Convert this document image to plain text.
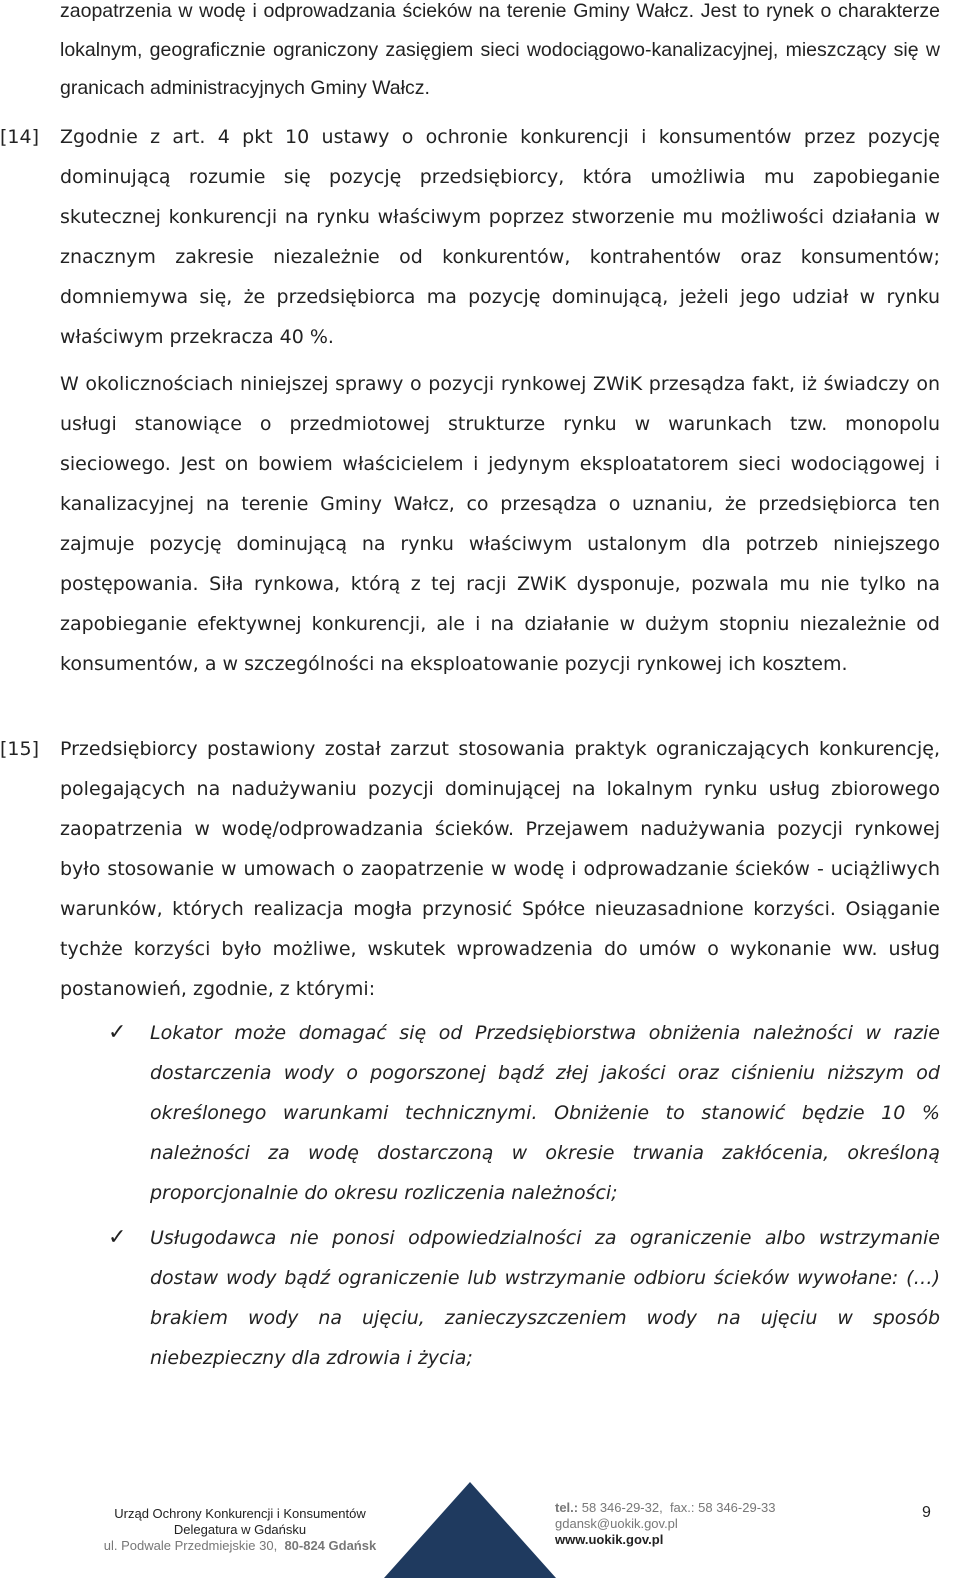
zaopatrzenia w wodę i odprowadzania ścieków na terenie Gminy Wałcz. Jest to rynek o charakterze lokalnym, geograficznie ograniczony zasięgiem sieci wodociągowo-kanalizacyjnej, mieszczący się w granicach administracyjnych Gminy Wałcz.

[14] Zgodnie z art. 4 pkt 10 ustawy o ochronie konkurencji i konsumentów przez pozycję dominującą rozumie się pozycję przedsiębiorcy, która umożliwia mu zapobieganie skutecznej konkurencji na rynku właściwym poprzez stworzenie mu możliwości działania w znacznym zakresie niezależnie od konkurentów, kontrahentów oraz konsumentów; domniemywa się, że przedsiębiorca ma pozycję dominującą, jeżeli jego udział w rynku właściwym przekracza 40 %.

W okolicznościach niniejszej sprawy o pozycji rynkowej ZWiK przesądza fakt, iż świadczy on usługi stanowiące o przedmiotowej strukturze rynku w warunkach tzw. monopolu sieciowego. Jest on bowiem właścicielem i jedynym eksploatatorem sieci wodociągowej i kanalizacyjnej na terenie Gminy Wałcz, co przesądza o uznaniu, że przedsiębiorca ten zajmuje pozycję dominującą na rynku właściwym ustalonym dla potrzeb niniejszego postępowania. Siła rynkowa, którą z tej racji ZWiK dysponuje, pozwala mu nie tylko na zapobieganie efektywnej konkurencji, ale i na działanie w dużym stopniu niezależnie od konsumentów, a w szczególności na eksploatowanie pozycji rynkowej ich kosztem.

[15] Przedsiębiorcy postawiony został zarzut stosowania praktyk ograniczających konkurencję, polegających na nadużywaniu pozycji dominującej na lokalnym rynku usług zbiorowego zaopatrzenia w wodę/odprowadzania ścieków. Przejawem nadużywania pozycji rynkowej było stosowanie w umowach o zaopatrzenie w wodę i odprowadzanie ścieków - uciążliwych warunków, których realizacja mogła przynosić Spółce nieuzasadnione korzyści. Osiąganie tychże korzyści było możliwe, wskutek wprowadzenia do umów o wykonanie ww. usług postanowień, zgodnie, z którymi:

✓ Lokator może domagać się od Przedsiębiorstwa obniżenia należności w razie dostarczenia wody o pogorszonej bądź złej jakości oraz ciśnieniu niższym od określonego warunkami technicznymi. Obniżenie to stanowić będzie 10 % należności za wodę dostarczoną w okresie trwania zakłócenia, określoną proporcjonalnie do okresu rozliczenia należności;

✓ Usługodawca nie ponosi odpowiedzialności za ograniczenie albo wstrzymanie dostaw wody bądź ograniczenie lub wstrzymanie odbioru ścieków wywołane: (…) brakiem wody na ujęciu, zanieczyszczeniem wody na ujęciu w sposób niebezpieczny dla zdrowia i życia;

Urząd Ochrony Konkurencji i Konsumentów
Delegatura w Gdańsku
ul. Podwale Przedmiejskie 30, 80-824 Gdańsk
tel.: 58 346-29-32, fax.: 58 346-29-33
gdansk@uokik.gov.pl
www.uokik.gov.pl
9
